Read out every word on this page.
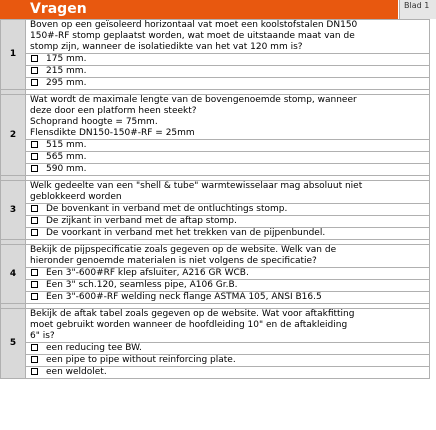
Vragen	Blad 1
1	Boven op een geïsoleerd horizontaal vat moet een koolstofstalen DN150
150#-RF stomp geplaatst worden, wat moet de uitstaande maat van de
stomp zijn, wanneer de isolatiedikte van het vat 120 mm is?

	175 mm.
	215 mm.
	295 mm.

2	Wat wordt de maximale lengte van de bovengenoemde stomp, wanneer
deze door een platform heen steekt?
Schoprand hoogte = 75mm.
Flensdikte DN150-150#-RF = 25mm

	515 mm.
	565 mm.
	590 mm.

3	Welk gedeelte van een "shell & tube" warmtewisselaar mag absoluut niet
geblokkeerd worden

	De bovenkant in verband met de ontluchtings stomp.
	De zijkant in verband met de aftap stomp.
	De voorkant in verband met het trekken van de pijpenbundel.

4	Bekijk de pijpspecificatie zoals gegeven op de website. Welk van de
hieronder genoemde materialen is niet volgens de specificatie?

	Een 3"-600#RF klep afsluiter, A216 GR WCB.
	Een 3" sch.120, seamless pipe, A106 Gr.B.
	Een 3"-600#-RF welding neck flange ASTMA 105, ANSI B16.5

5	Bekijk de aftak tabel zoals gegeven op de website. Wat voor aftakfitting
moet gebruikt worden wanneer de hoofdleiding 10" en de aftakleiding
6" is?

	een reducing tee BW.
	een pipe to pipe without reinforcing plate.
	een weldolet.
